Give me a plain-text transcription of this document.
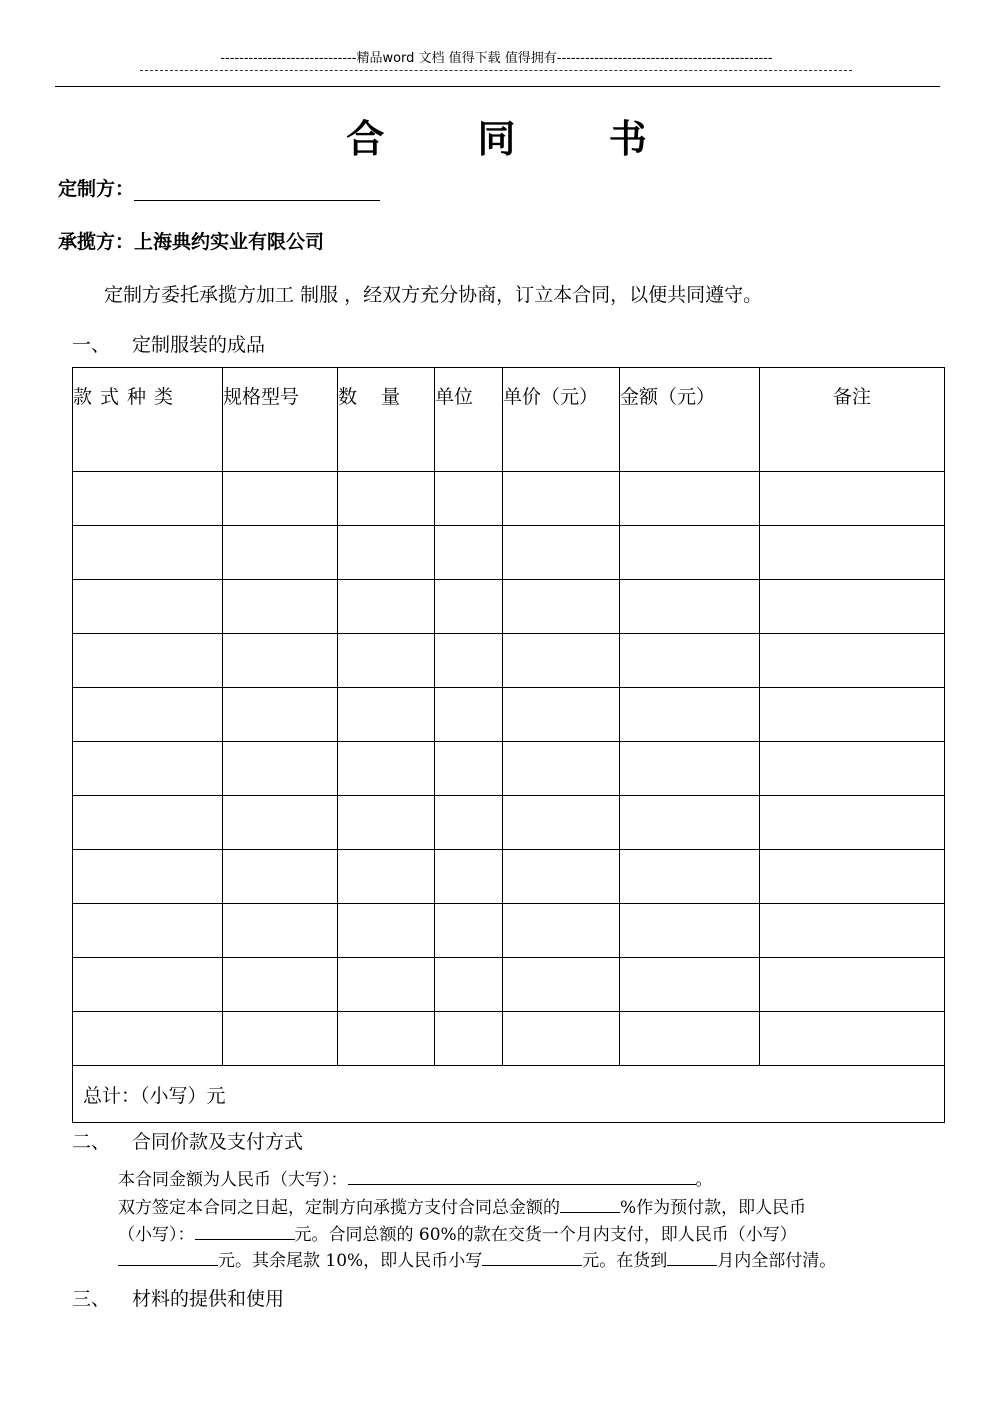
-----------------------------精品word 文档 值得下载 值得拥有----------------------------------------------
合 同 书
定制方：
承揽方：上海典约实业有限公司
定制方委托承揽方加工 制服 ，经双方充分协商，订立本合同，以便共同遵守。
一、 定制服装的成品
款式种类	规格型号	数    量	单位	单价（元）	金额（元）	备注

总计：（小写）元						
二、 合同价款及支付方式
本合同金额为人民币（大写）：	。
双方签定本合同之日起，定制方向承揽方支付合同总金额的	%作为预付款，即人民币
（小写）：	元。合同总额的 60%的款在交货一个月内支付，即人民币（小写）
元。其余尾款 10%，即人民币小写	元。在货到	月内全部付清。
三、 材料的提供和使用
